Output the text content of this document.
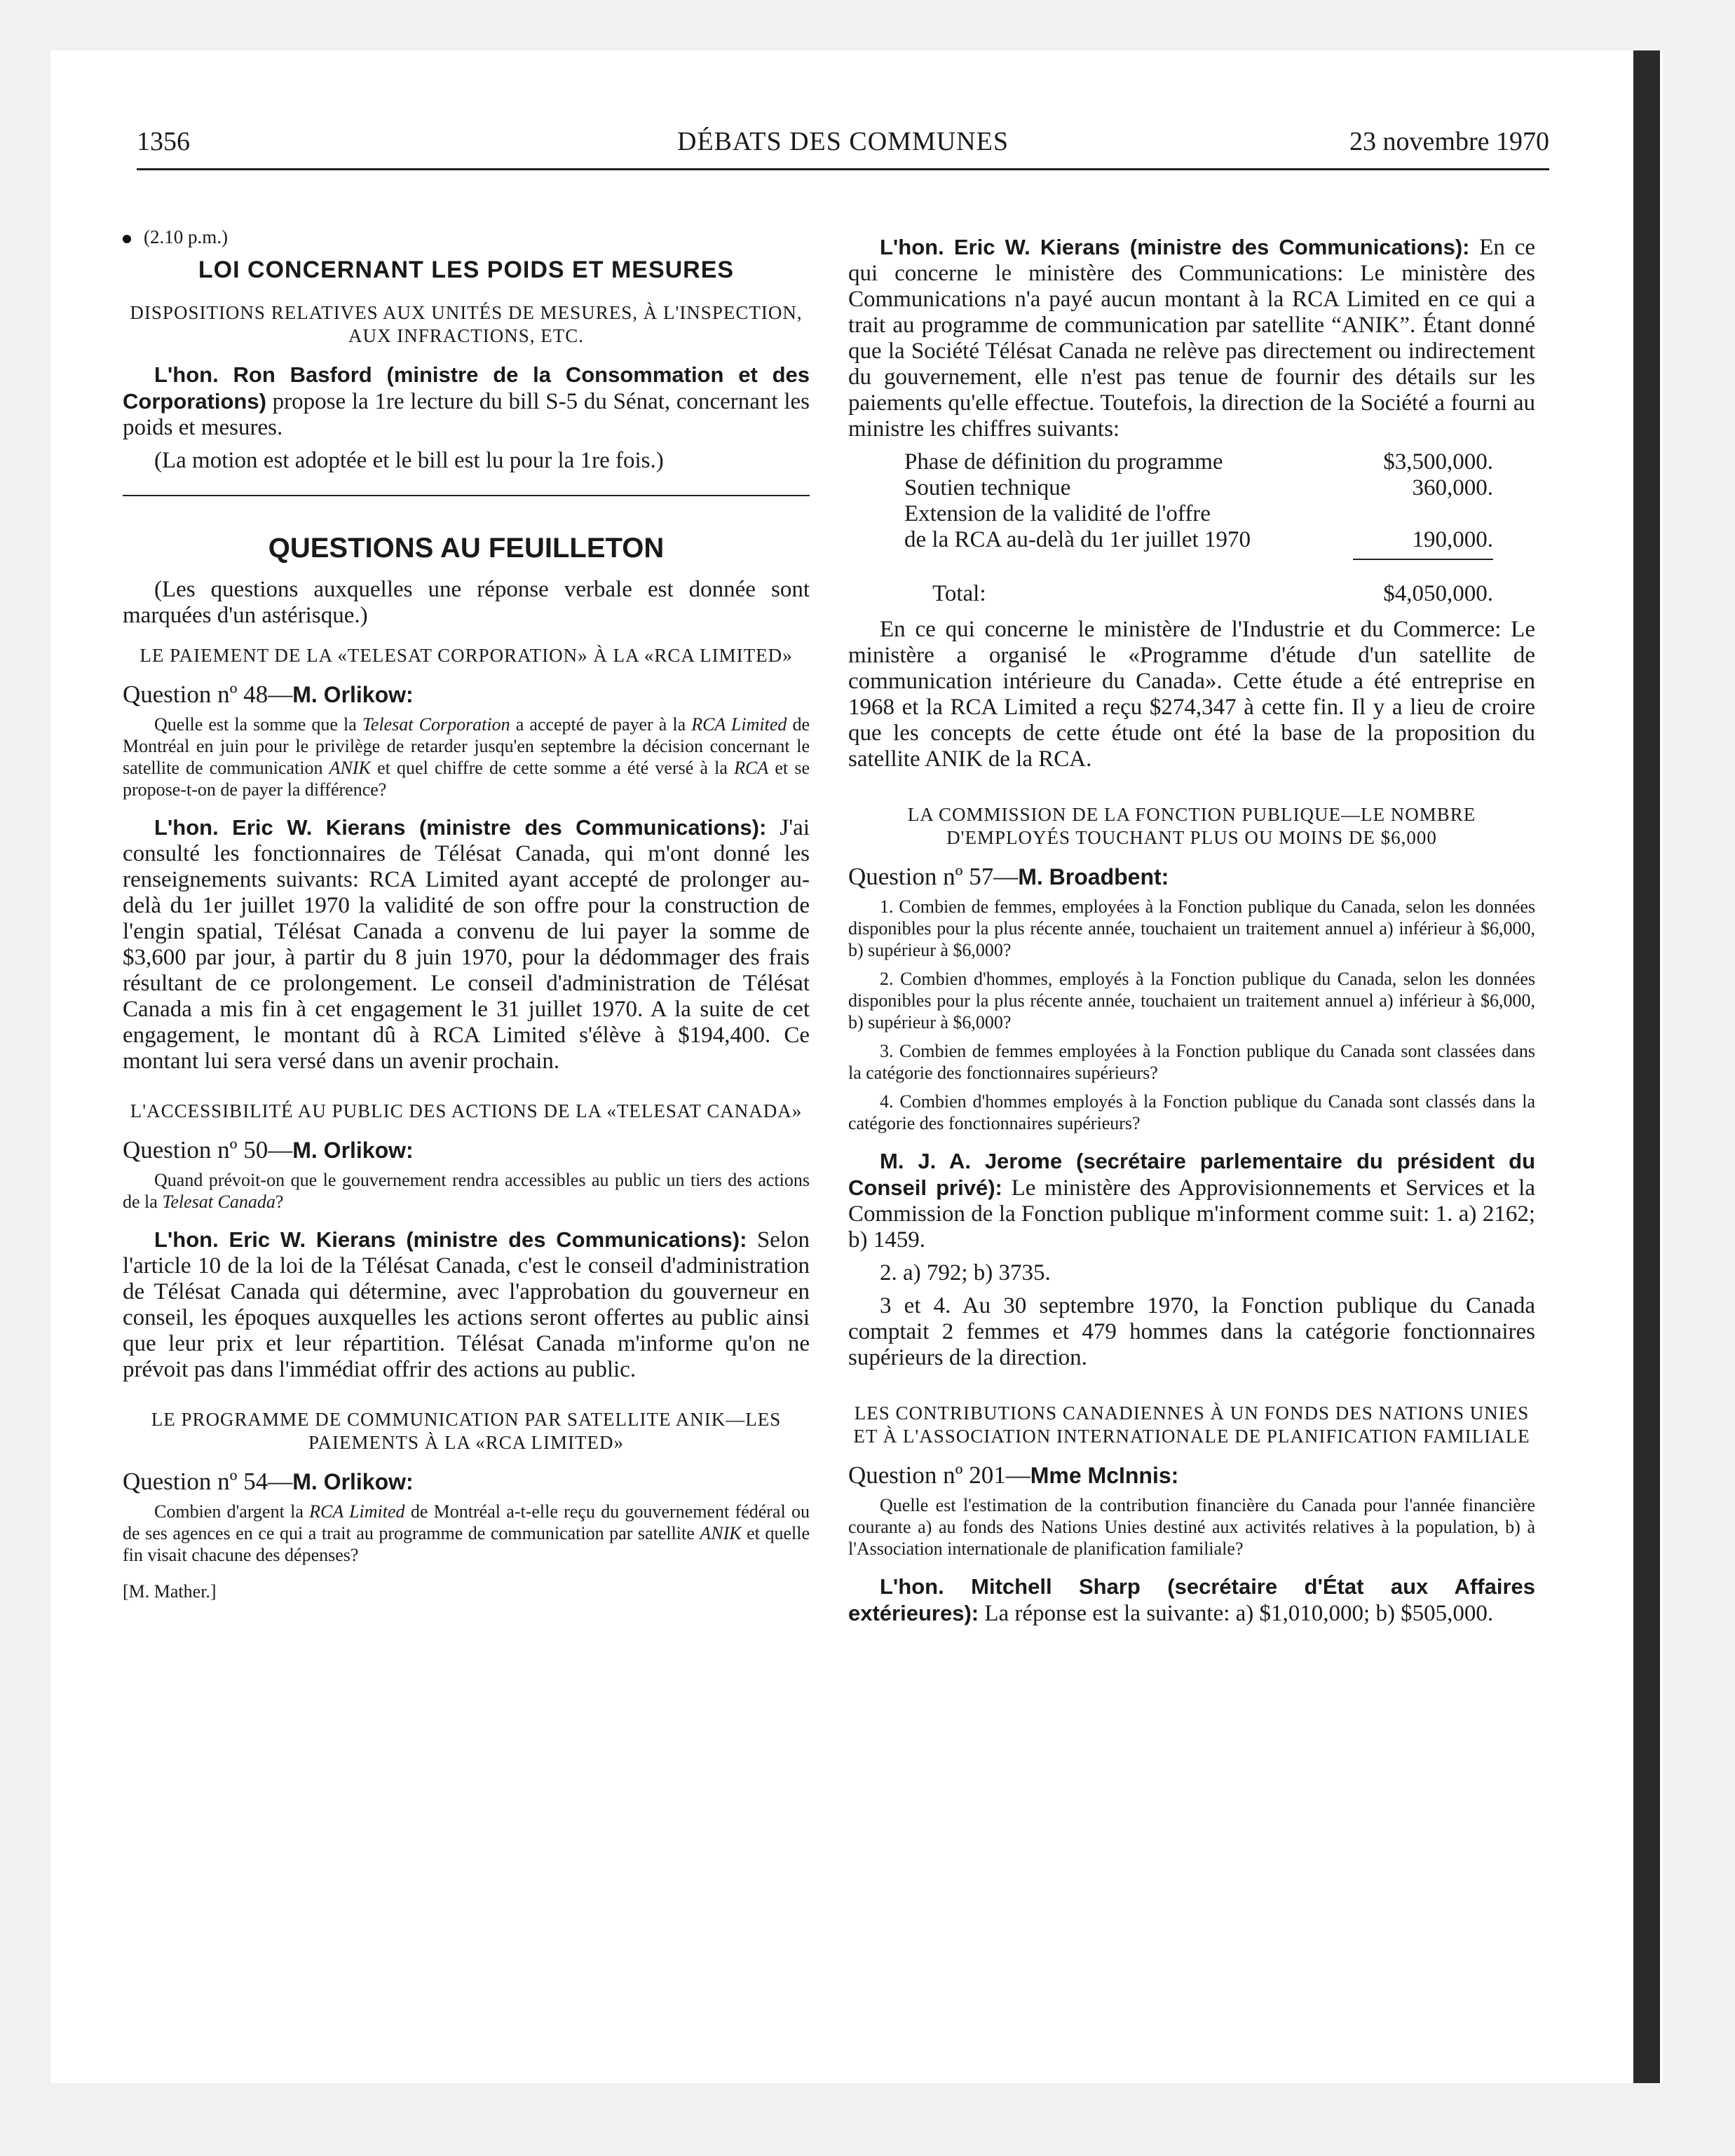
1356	DÉBATS DES COMMUNES	23 novembre 1970
(2.10 p.m.)
LOI CONCERNANT LES POIDS ET MESURES
DISPOSITIONS RELATIVES AUX UNITÉS DE MESURES, À L'INSPECTION, AUX INFRACTIONS, ETC.

L'hon. Ron Basford (ministre de la Consommation et des Corporations) propose la 1re lecture du bill S-5 du Sénat, concernant les poids et mesures.

(La motion est adoptée et le bill est lu pour la 1re fois.)

QUESTIONS AU FEUILLETON

(Les questions auxquelles une réponse verbale est donnée sont marquées d'un astérisque.)

LE PAIEMENT DE LA «TELESAT CORPORATION» À LA «RCA LIMITED»
Question nº 48—M. Orlikow:

Quelle est la somme que la Telesat Corporation a accepté de payer à la RCA Limited de Montréal en juin pour le privilège de retarder jusqu'en septembre la décision concernant le satellite de communication ANIK et quel chiffre de cette somme a été versé à la RCA et se propose-t-on de payer la différence?

L'hon. Eric W. Kierans (ministre des Communications): J'ai consulté les fonctionnaires de Télésat Canada, qui m'ont donné les renseignements suivants: RCA Limited ayant accepté de prolonger au-delà du 1er juillet 1970 la validité de son offre pour la construction de l'engin spatial, Télésat Canada a convenu de lui payer la somme de $3,600 par jour, à partir du 8 juin 1970, pour la dédommager des frais résultant de ce prolongement. Le conseil d'administration de Télésat Canada a mis fin à cet engagement le 31 juillet 1970. A la suite de cet engagement, le montant dû à RCA Limited s'élève à $194,400. Ce montant lui sera versé dans un avenir prochain.

L'ACCESSIBILITÉ AU PUBLIC DES ACTIONS DE LA «TELESAT CANADA»
Question nº 50—M. Orlikow:

Quand prévoit-on que le gouvernement rendra accessibles au public un tiers des actions de la Telesat Canada?

L'hon. Eric W. Kierans (ministre des Communications): Selon l'article 10 de la loi de la Télésat Canada, c'est le conseil d'administration de Télésat Canada qui détermine, avec l'approbation du gouverneur en conseil, les époques auxquelles les actions seront offertes au public ainsi que leur prix et leur répartition. Télésat Canada m'informe qu'on ne prévoit pas dans l'immédiat offrir des actions au public.

LE PROGRAMME DE COMMUNICATION PAR SATELLITE ANIK—LES PAIEMENTS À LA «RCA LIMITED»
Question nº 54—M. Orlikow:

Combien d'argent la RCA Limited de Montréal a-t-elle reçu du gouvernement fédéral ou de ses agences en ce qui a trait au programme de communication par satellite ANIK et quelle fin visait chacune des dépenses?

[M. Mather.]

L'hon. Eric W. Kierans (ministre des Communications): En ce qui concerne le ministère des Communications: Le ministère des Communications n'a payé aucun montant à la RCA Limited en ce qui a trait au programme de communication par satellite “ANIK”. Étant donné que la Société Télésat Canada ne relève pas directement ou indirectement du gouvernement, elle n'est pas tenue de fournir des détails sur les paiements qu'elle effectue. Toutefois, la direction de la Société a fourni au ministre les chiffres suivants:

Phase de définition du programme	$3,500,000.
Soutien technique	360,000.
Extension de la validité de l'offre
de la RCA au-delà du 1er juillet 1970	190,000.
Total:	$4,050,000.

En ce qui concerne le ministère de l'Industrie et du Commerce: Le ministère a organisé le «Programme d'étude d'un satellite de communication intérieure du Canada». Cette étude a été entreprise en 1968 et la RCA Limited a reçu $274,347 à cette fin. Il y a lieu de croire que les concepts de cette étude ont été la base de la proposition du satellite ANIK de la RCA.

LA COMMISSION DE LA FONCTION PUBLIQUE—LE NOMBRE D'EMPLOYÉS TOUCHANT PLUS OU MOINS DE $6,000
Question nº 57—M. Broadbent:

1. Combien de femmes, employées à la Fonction publique du Canada, selon les données disponibles pour la plus récente année, touchaient un traitement annuel a) inférieur à $6,000, b) supérieur à $6,000?

2. Combien d'hommes, employés à la Fonction publique du Canada, selon les données disponibles pour la plus récente année, touchaient un traitement annuel a) inférieur à $6,000, b) supérieur à $6,000?

3. Combien de femmes employées à la Fonction publique du Canada sont classées dans la catégorie des fonctionnaires supérieurs?

4. Combien d'hommes employés à la Fonction publique du Canada sont classés dans la catégorie des fonctionnaires supérieurs?

M. J. A. Jerome (secrétaire parlementaire du président du Conseil privé): Le ministère des Approvisionnements et Services et la Commission de la Fonction publique m'informent comme suit: 1. a) 2162; b) 1459.

2. a) 792; b) 3735.

3 et 4. Au 30 septembre 1970, la Fonction publique du Canada comptait 2 femmes et 479 hommes dans la catégorie fonctionnaires supérieurs de la direction.

LES CONTRIBUTIONS CANADIENNES À UN FONDS DES NATIONS UNIES ET À L'ASSOCIATION INTERNATIONALE DE PLANIFICATION FAMILIALE
Question nº 201—Mme McInnis:

Quelle est l'estimation de la contribution financière du Canada pour l'année financière courante a) au fonds des Nations Unies destiné aux activités relatives à la population, b) à l'Association internationale de planification familiale?

L'hon. Mitchell Sharp (secrétaire d'État aux Affaires extérieures): La réponse est la suivante: a) $1,010,000; b) $505,000.
